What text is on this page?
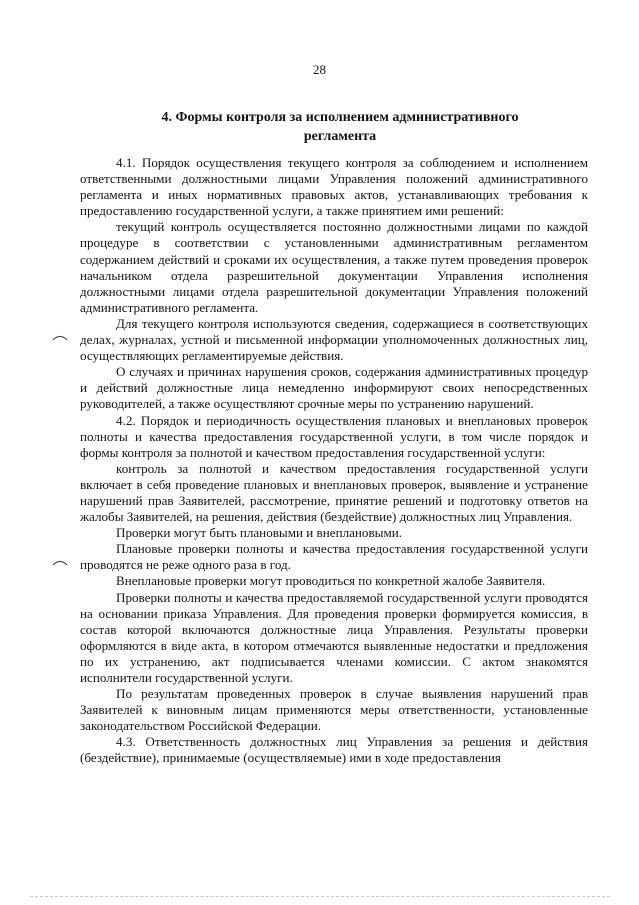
28

4. Формы контроля за исполнением административного
регламента

4.1. Порядок осуществления текущего контроля за соблюдением и исполнением ответственными должностными лицами Управления положений административного регламента и иных нормативных правовых актов, устанавливающих требования к предоставлению государственной услуги, а также принятием ими решений:

текущий контроль осуществляется постоянно должностными лицами по каждой процедуре в соответствии с установленными административным регламентом содержанием действий и сроками их осуществления, а также путем проведения проверок начальником отдела разрешительной документации Управления исполнения должностными лицами отдела разрешительной документации Управления положений административного регламента.

Для текущего контроля используются сведения, содержащиеся в соответствующих делах, журналах, устной и письменной информации уполномоченных должностных лиц, осуществляющих регламентируемые действия.

О случаях и причинах нарушения сроков, содержания административных процедур и действий должностные лица немедленно информируют своих непосредственных руководителей, а также осуществляют срочные меры по устранению нарушений.

4.2. Порядок и периодичность осуществления плановых и внеплановых проверок полноты и качества предоставления государственной услуги, в том числе порядок и формы контроля за полнотой и качеством предоставления государственной услуги:

контроль за полнотой и качеством предоставления государственной услуги включает в себя проведение плановых и внеплановых проверок, выявление и устранение нарушений прав Заявителей, рассмотрение, принятие решений и подготовку ответов на жалобы Заявителей, на решения, действия (бездействие) должностных лиц Управления.

Проверки могут быть плановыми и внеплановыми.

Плановые проверки полноты и качества предоставления государственной услуги проводятся не реже одного раза в год.

Внеплановые проверки могут проводиться по конкретной жалобе Заявителя.

Проверки полноты и качества предоставляемой государственной услуги проводятся на основании приказа Управления. Для проведения проверки формируется комиссия, в состав которой включаются должностные лица Управления. Результаты проверки оформляются в виде акта, в котором отмечаются выявленные недостатки и предложения по их устранению, акт подписывается членами комиссии. С актом знакомятся исполнители государственной услуги.

По результатам проведенных проверок в случае выявления нарушений прав Заявителей к виновным лицам применяются меры ответственности, установленные законодательством Российской Федерации.

4.3. Ответственность должностных лиц Управления за решения и действия (бездействие), принимаемые (осуществляемые) ими в ходе предоставления
